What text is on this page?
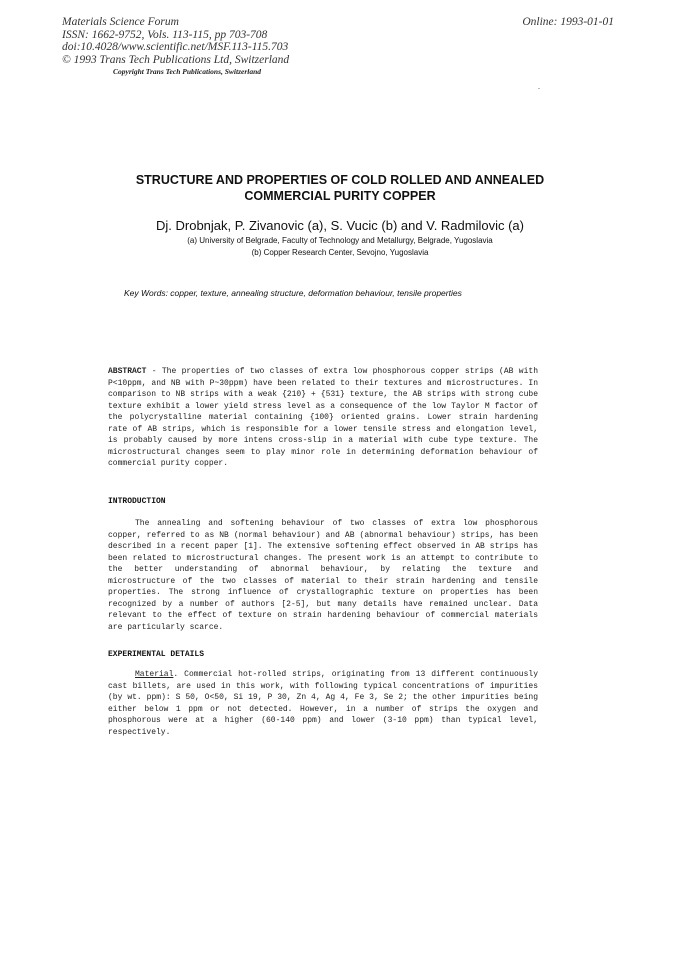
Materials Science Forum
ISSN: 1662-9752, Vols. 113-115, pp 703-708
doi:10.4028/www.scientific.net/MSF.113-115.703
© 1993 Trans Tech Publications Ltd, Switzerland
Online: 1993-01-01
Copyright Trans Tech Publications, Switzerland
STRUCTURE AND PROPERTIES OF COLD ROLLED AND ANNEALED
COMMERCIAL PURITY COPPER
Dj. Drobnjak, P. Zivanovic (a), S. Vucic (b) and V. Radmilovic (a)
(a) University of Belgrade, Faculty of Technology and Metallurgy, Belgrade, Yugoslavia
(b) Copper Research Center, Sevojno, Yugoslavia
Key Words: copper, texture, annealing structure, deformation behaviour, tensile properties
ABSTRACT - The properties of two classes of extra low phosphorous copper strips (AB with P<10ppm, and NB with P~30ppm) have been related to their textures and microstructures. In comparison to NB strips with a weak {210} + {531} texture, the AB strips with strong cube texture exhibit a lower yield stress level as a consequence of the low Taylor M factor of the polycrystalline material containing {100} oriented grains. Lower strain hardening rate of AB strips, which is responsible for a lower tensile stress and elongation level, is probably caused by more intens cross-slip in a material with cube type texture. The microstructural changes seem to play minor role in determining deformation behaviour of commercial purity copper.
INTRODUCTION
The annealing and softening behaviour of two classes of extra low phosphorous copper, referred to as NB (normal behaviour) and AB (abnormal behaviour) strips, has been described in a recent paper [1]. The extensive softening effect observed in AB strips has been related to microstructural changes. The present work is an attempt to contribute to the better understanding of abnormal behaviour, by relating the texture and microstructure of the two classes of material to their strain hardening and tensile properties. The strong influence of crystallographic texture on properties has been recognized by a number of authors [2-5], but many details have remained unclear. Data relevant to the effect of texture on strain hardening behaviour of commercial materials are particularly scarce.
EXPERIMENTAL DETAILS
Material. Commercial hot-rolled strips, originating from 13 different continuously cast billets, are used in this work, with following typical concentrations of impurities (by wt. ppm): S 50, O<50, Si 19, P 30, Zn 4, Ag 4, Fe 3, Se 2; the other impurities being either below 1 ppm or not detected. However, in a number of strips the oxygen and phosphorous were at a higher (60-140 ppm) and lower (3-10 ppm) than typical level, respectively.
